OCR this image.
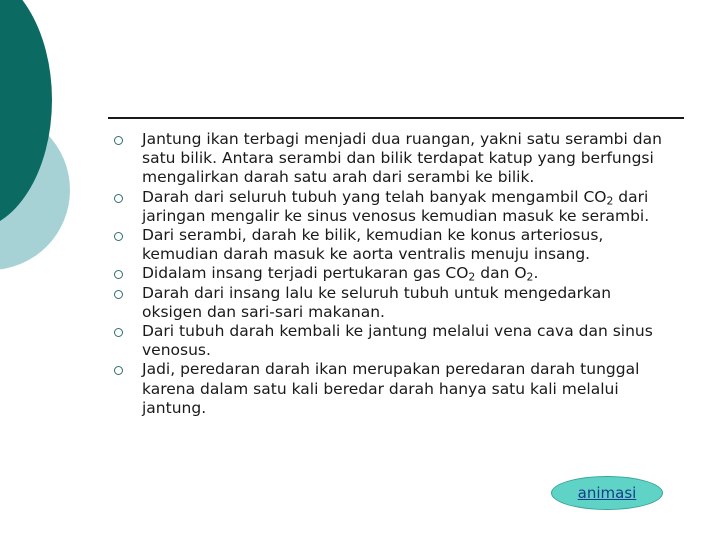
Jantung ikan terbagi menjadi dua ruangan, yakni satu serambi dan satu bilik. Antara serambi dan bilik terdapat katup yang berfungsi mengalirkan darah satu arah dari serambi ke bilik.
Darah dari seluruh tubuh yang telah banyak mengambil $CO_2$ dari jaringan mengalir ke sinus venosus kemudian masuk ke serambi.
Dari serambi, darah ke bilik, kemudian ke konus arteriosus, kemudian darah masuk ke aorta ventralis menuju insang.
Didalam insang terjadi pertukaran gas $CO_2$ dan $O_2$.
Darah dari insang lalu ke seluruh tubuh untuk mengedarkan oksigen dan sari-sari makanan.
Dari tubuh darah kembali ke jantung melalui vena cava dan sinus venosus.
Jadi, peredaran darah ikan merupakan peredaran darah tunggal karena dalam satu kali beredar darah hanya satu kali melalui jantung.
animasi
